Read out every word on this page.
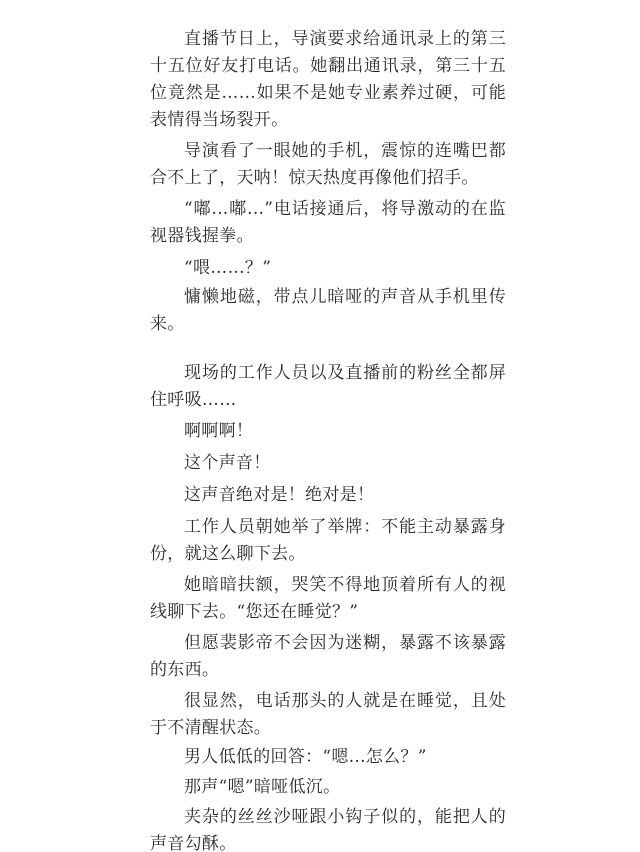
直播节日上，导演要求给通讯录上的第三十五位好友打电话。她翻出通讯录，第三十五位竟然是……如果不是她专业素养过硬，可能表情得当场裂开。

导演看了一眼她的手机，震惊的连嘴巴都合不上了，天呐！惊天热度再像他们招手。

“嘟...嘟...”电话接通后，将导激动的在监视器钱握拳。

“喂……？”

慵懒地磁，带点儿暗哑的声音从手机里传来。

现场的工作人员以及直播前的粉丝全都屏住呼吸……

啊啊啊！

这个声音！

这声音绝对是！绝对是！

工作人员朝她举了举牌：不能主动暴露身份，就这么聊下去。

她暗暗扶额，哭笑不得地顶着所有人的视线聊下去。“您还在睡觉？”

但愿裴影帝不会因为迷糊，暴露不该暴露的东西。

很显然，电话那头的人就是在睡觉，且处于不清醒状态。

男人低低的回答：“嗯...怎么？”

那声“嗯”暗哑低沉。

夹杂的丝丝沙哑跟小钩子似的，能把人的声音勾酥。
